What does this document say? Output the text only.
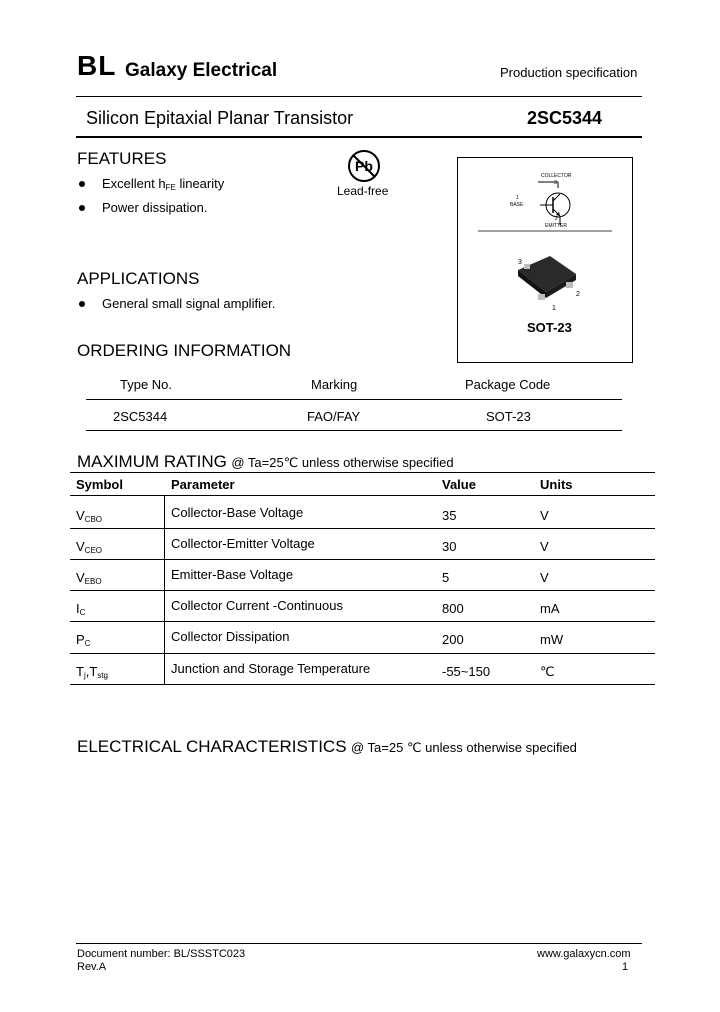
BL Galaxy Electrical	Production specification
Silicon Epitaxial Planar Transistor	2SC5344
FEATURES
Excellent $h_{FE}$ linearity
Power dissipation.
Pb
Lead-free
COLLECTOR
3
1
BASE
2
EMITTER
3
1
2
SOT-23
APPLICATIONS
General small signal amplifier.
ORDERING INFORMATION
Type No.	Marking	Package Code
2SC5344	FAO/FAY	SOT-23
MAXIMUM RATING @ Ta=25℃ unless otherwise specified
Symbol	Parameter	Value	Units
$V_{CBO}$	Collector-Base Voltage	35	V
$V_{CEO}$	Collector-Emitter Voltage	30	V
$V_{EBO}$	Emitter-Base Voltage	5	V
$I_C$	Collector Current -Continuous	800	mA
$P_C$	Collector Dissipation	200	mW
$T_j,T_{stg}$	Junction and Storage Temperature	-55~150	℃
ELECTRICAL CHARACTERISTICS @ Ta=25 ℃ unless otherwise specified
Document number: BL/SSSTC023
Rev.A
www.galaxycn.com
1
